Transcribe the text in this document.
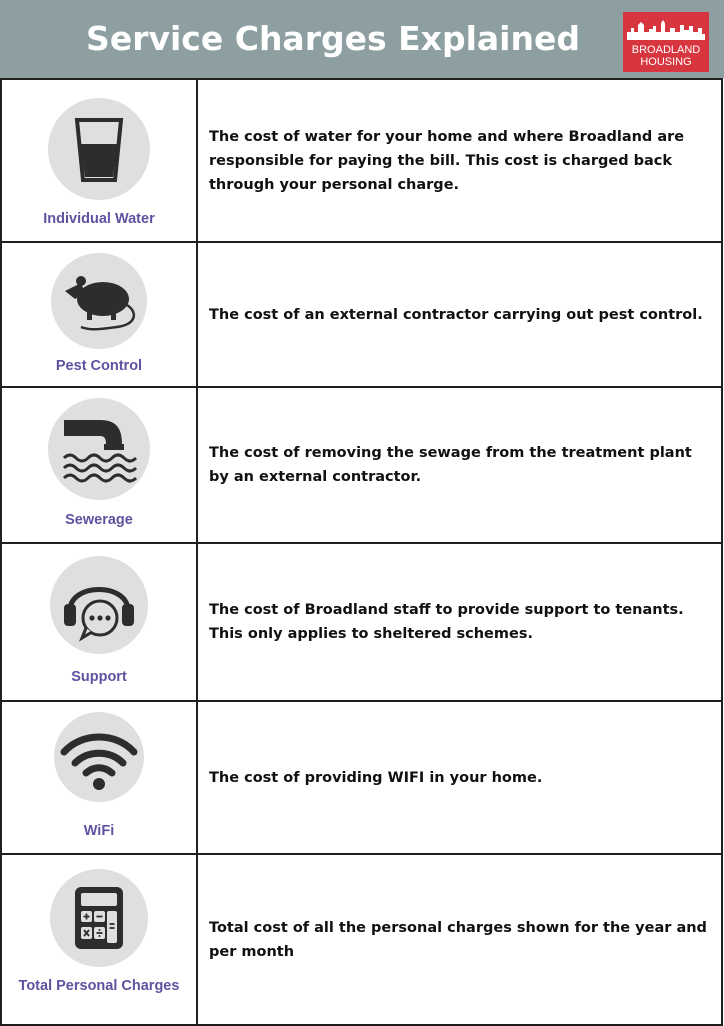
Service Charges Explained	BROADLAND
HOUSING
Individual Water	The cost of water for your home and where Broadland are responsible for paying the bill. This cost is charged back through your personal charge.

Pest Control	The cost of an external contractor carrying out pest control.

Sewerage	The cost of removing the sewage from the treatment plant by an external contractor.

Support	The cost of Broadland staff to provide support to tenants. This only applies to sheltered schemes.

WiFi	The cost of providing WIFI in your home.

Total Personal Charges	Total cost of all the personal charges shown for the year and per month
